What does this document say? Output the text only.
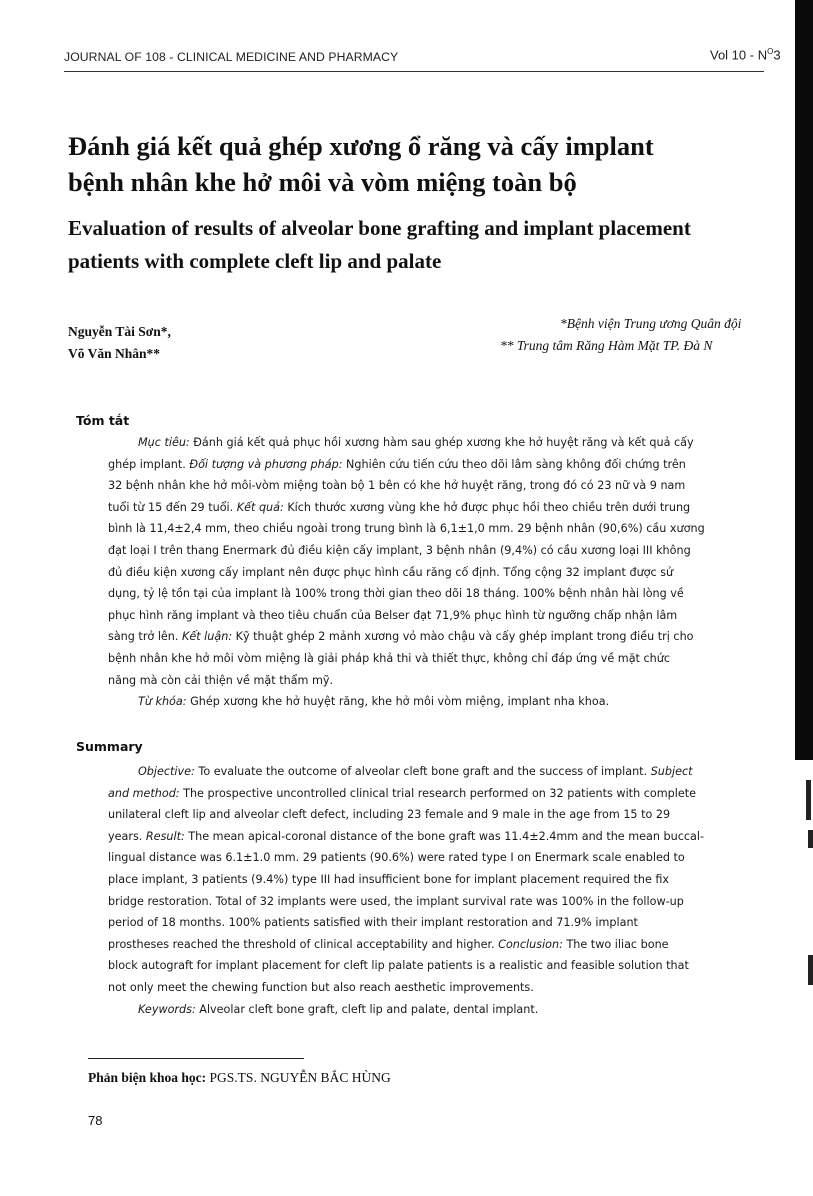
JOURNAL OF 108 - CLINICAL MEDICINE AND PHARMACY	Vol $10 - N^O3$
Đánh giá kết quả ghép xương ổ răng và cấy implant
bệnh nhân khe hở môi và vòm miệng toàn bộ
Evaluation of results of alveolar bone grafting and implant placement
patients with complete cleft lip and palate
Nguyễn Tài Sơn*,
Võ Văn Nhân**
*Bệnh viện Trung ương Quân đội
** Trung tâm Răng Hàm Mặt TP. Đà N
Tóm tắt
Mục tiêu: Đánh giá kết quả phục hồi xương hàm sau ghép xương khe hở huyệt răng và kết quả cấy
ghép implant. Đối tượng và phương pháp: Nghiên cứu tiến cứu theo dõi lâm sàng không đối chứng trên
32 bệnh nhân khe hở môi-vòm miệng toàn bộ 1 bên có khe hở huyệt răng, trong đó có 23 nữ và 9 nam
tuổi từ 15 đến 29 tuổi. Kết quả: Kích thước xương vùng khe hở được phục hồi theo chiều trên dưới trung
bình là 11,4±2,4 mm, theo chiều ngoài trong trung bình là 6,1±1,0 mm. 29 bệnh nhân (90,6%) cầu xương
đạt loại I trên thang Enermark đủ điều kiện cấy implant, 3 bệnh nhân (9,4%) có cầu xương loại III không
đủ điều kiện xương cấy implant nên được phục hình cầu răng cố định. Tổng cộng 32 implant được sử
dụng, tỷ lệ tồn tại của implant là 100% trong thời gian theo dõi 18 tháng. 100% bệnh nhân hài lòng về
phục hình răng implant và theo tiêu chuẩn của Belser đạt 71,9% phục hình từ ngưỡng chấp nhận lâm
sàng trở lên. Kết luận: Kỹ thuật ghép 2 mảnh xương vỏ mào chậu và cấy ghép implant trong điều trị cho
bệnh nhân khe hở môi vòm miệng là giải pháp khả thi và thiết thực, không chỉ đáp ứng về mặt chức
năng mà còn cải thiện về mặt thẩm mỹ.
Từ khóa: Ghép xương khe hở huyệt răng, khe hở môi vòm miệng, implant nha khoa.
Summary
Objective: To evaluate the outcome of alveolar cleft bone graft and the success of implant. Subject
and method: The prospective uncontrolled clinical trial research performed on 32 patients with complete
unilateral cleft lip and alveolar cleft defect, including 23 female and 9 male in the age from 15 to 29
years. Result: The mean apical-coronal distance of the bone graft was 11.4±2.4mm and the mean buccal-
lingual distance was 6.1±1.0 mm. 29 patients (90.6%) were rated type I on Enermark scale enabled to
place implant, 3 patients (9.4%) type III had insufficient bone for implant placement required the fix
bridge restoration. Total of 32 implants were used, the implant survival rate was 100% in the follow-up
period of 18 months. 100% patients satisfied with their implant restoration and 71.9% implant
prostheses reached the threshold of clinical acceptability and higher. Conclusion: The two iliac bone
block autograft for implant placement for cleft lip palate patients is a realistic and feasible solution that
not only meet the chewing function but also reach aesthetic improvements.
Keywords: Alveolar cleft bone graft, cleft lip and palate, dental implant.
Phản biện khoa học: PGS.TS. NGUYỄN BẮC HÙNG
78
